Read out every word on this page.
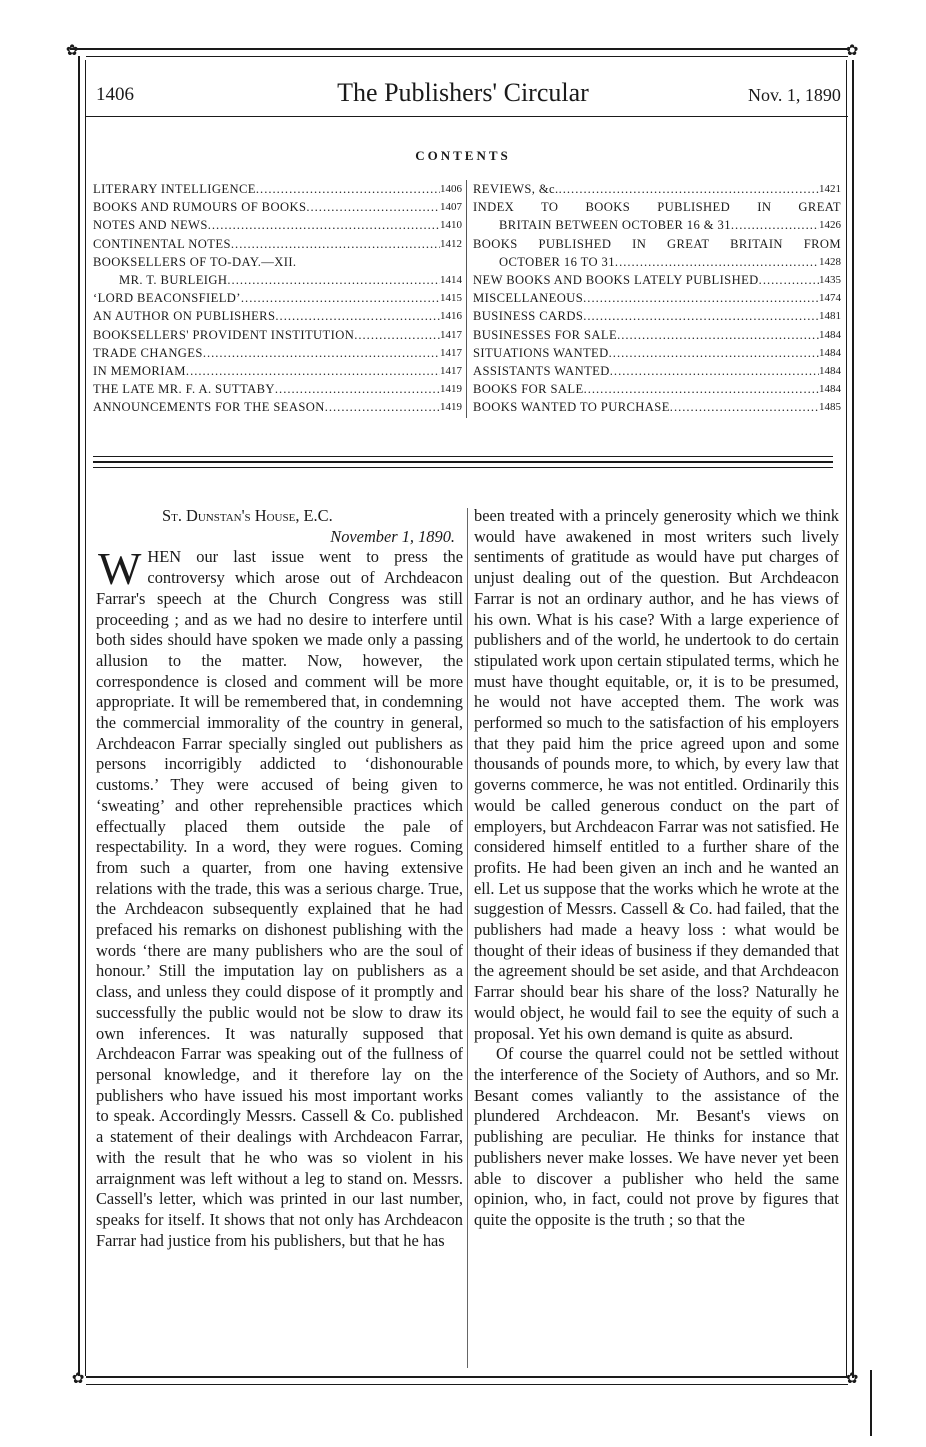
✿	✿
✿	✿
1406	The Publishers' Circular	Nov. 1, 1890
CONTENTS
LITERARY INTELLIGENCE .....	1406
BOOKS AND RUMOURS OF BOOKS .....	1407
NOTES AND NEWS .....	1410
CONTINENTAL NOTES .....	1412
BOOKSELLERS OF TO-DAY.—XII.
MR. T. BURLEIGH .....	1414
‘LORD BEACONSFIELD’ .....	1415
AN AUTHOR ON PUBLISHERS .....	1416
BOOKSELLERS' PROVIDENT INSTITUTION .....	1417
TRADE CHANGES .....	1417
IN MEMORIAM .....	1417
THE LATE MR. F. A. SUTTABY .....	1419
ANNOUNCEMENTS FOR THE SEASON .....	1419
REVIEWS, &c. .....	1421
INDEX TO BOOKS PUBLISHED IN GREAT
BRITAIN BETWEEN OCTOBER 16 & 31 .....	1426
BOOKS PUBLISHED IN GREAT BRITAIN FROM
OCTOBER 16 TO 31 .....	1428
NEW BOOKS AND BOOKS LATELY PUBLISHED .....	1435
MISCELLANEOUS .....	1474
BUSINESS CARDS .....	1481
BUSINESSES FOR SALE .....	1484
SITUATIONS WANTED .....	1484
ASSISTANTS WANTED .....	1484
BOOKS FOR SALE .....	1484
BOOKS WANTED TO PURCHASE .....	1485
St. Dunstan's House, E.C.
November 1, 1890.

WHEN our last issue went to press the controversy which arose out of Archdeacon Farrar's speech at the Church Congress was still proceeding ; and as we had no desire to interfere until both sides should have spoken we made only a passing allusion to the matter. Now, however, the correspondence is closed and comment will be more appropriate. It will be remembered that, in condemning the commercial immorality of the country in general, Archdeacon Farrar specially singled out publishers as persons incorrigibly addicted to ‘dishonourable customs.’ They were accused of being given to ‘sweating’ and other reprehensible practices which effectually placed them outside the pale of respectability. In a word, they were rogues. Coming from such a quarter, from one having extensive relations with the trade, this was a serious charge. True, the Archdeacon subsequently explained that he had prefaced his remarks on dishonest publishing with the words ‘there are many publishers who are the soul of honour.’ Still the imputation lay on publishers as a class, and unless they could dispose of it promptly and successfully the public would not be slow to draw its own inferences. It was naturally supposed that Archdeacon Farrar was speaking out of the fullness of personal knowledge, and it therefore lay on the publishers who have issued his most important works to speak. Accordingly Messrs. Cassell & Co. published a statement of their dealings with Archdeacon Farrar, with the result that he who was so violent in his arraignment was left without a leg to stand on. Messrs. Cassell's letter, which was printed in our last number, speaks for itself. It shows that not only has Archdeacon Farrar had justice from his publishers, but that he has

been treated with a princely generosity which we think would have awakened in most writers such lively sentiments of gratitude as would have put charges of unjust dealing out of the question. But Archdeacon Farrar is not an ordinary author, and he has views of his own. What is his case? With a large experience of publishers and of the world, he undertook to do certain stipulated work upon certain stipulated terms, which he must have thought equitable, or, it is to be presumed, he would not have accepted them. The work was performed so much to the satisfaction of his employers that they paid him the price agreed upon and some thousands of pounds more, to which, by every law that governs commerce, he was not entitled. Ordinarily this would be called generous conduct on the part of employers, but Archdeacon Farrar was not satisfied. He considered himself entitled to a further share of the profits. He had been given an inch and he wanted an ell. Let us suppose that the works which he wrote at the suggestion of Messrs. Cassell & Co. had failed, that the publishers had made a heavy loss : what would be thought of their ideas of business if they demanded that the agreement should be set aside, and that Archdeacon Farrar should bear his share of the loss? Naturally he would object, he would fail to see the equity of such a proposal. Yet his own demand is quite as absurd.

Of course the quarrel could not be settled without the interference of the Society of Authors, and so Mr. Besant comes valiantly to the assistance of the plundered Archdeacon. Mr. Besant's views on publishing are peculiar. He thinks for instance that publishers never make losses. We have never yet been able to discover a publisher who held the same opinion, who, in fact, could not prove by figures that quite the opposite is the truth ; so that the
